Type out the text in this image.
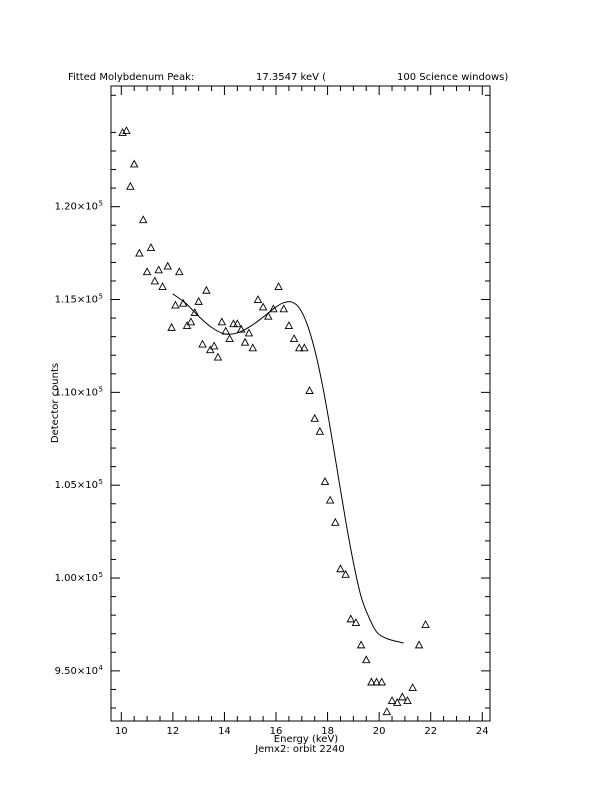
Fitted Molybdenum Peak:	17.3547 keV (	100 Science windows)
10	12	14	16	18	20	22	24
9.50×10 4
1.00×10 5
1.05×10 5
1.10×10 5
1.15×10 5
1.20×10 5
Energy (keV)
Jemx2: orbit 2240
Detector counts
